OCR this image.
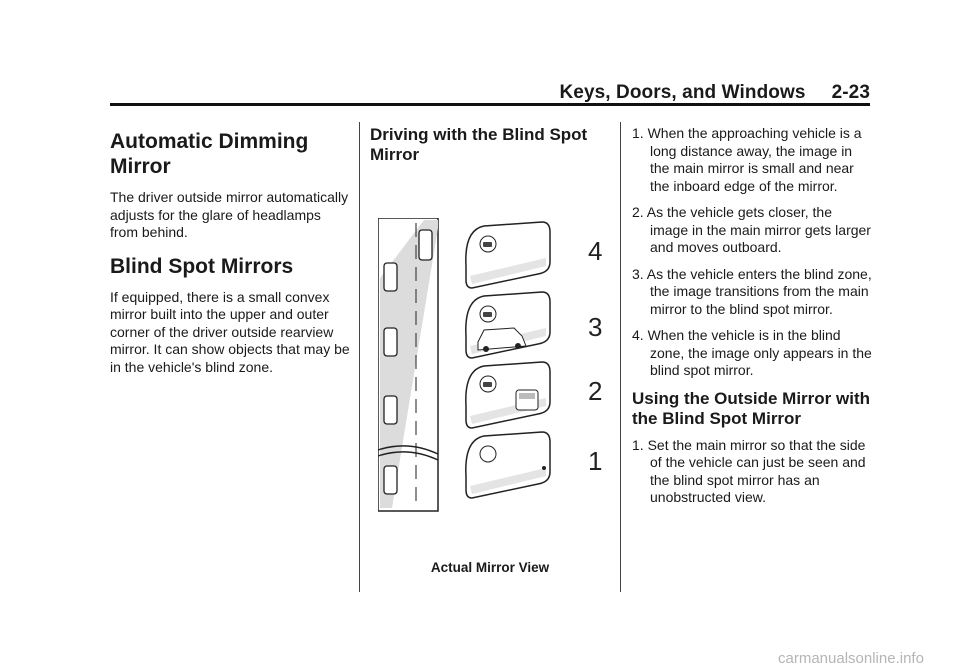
Keys, Doors, and Windows 2-23
Automatic Dimming Mirror

The driver outside mirror automatically adjusts for the glare of headlamps from behind.

Blind Spot Mirrors

If equipped, there is a small convex mirror built into the upper and outer corner of the driver outside rearview mirror. It can show objects that may be in the vehicle's blind zone.

Driving with the Blind Spot Mirror
4
3
2
1
Actual Mirror View
1. When the approaching vehicle is a long distance away, the image in the main mirror is small and near the inboard edge of the mirror.
2. As the vehicle gets closer, the image in the main mirror gets larger and moves outboard.
3. As the vehicle enters the blind zone, the image transitions from the main mirror to the blind spot mirror.
4. When the vehicle is in the blind zone, the image only appears in the blind spot mirror.
Using the Outside Mirror with the Blind Spot Mirror
1. Set the main mirror so that the side of the vehicle can just be seen and the blind spot mirror has an unobstructed view.
carmanualsonline.info
